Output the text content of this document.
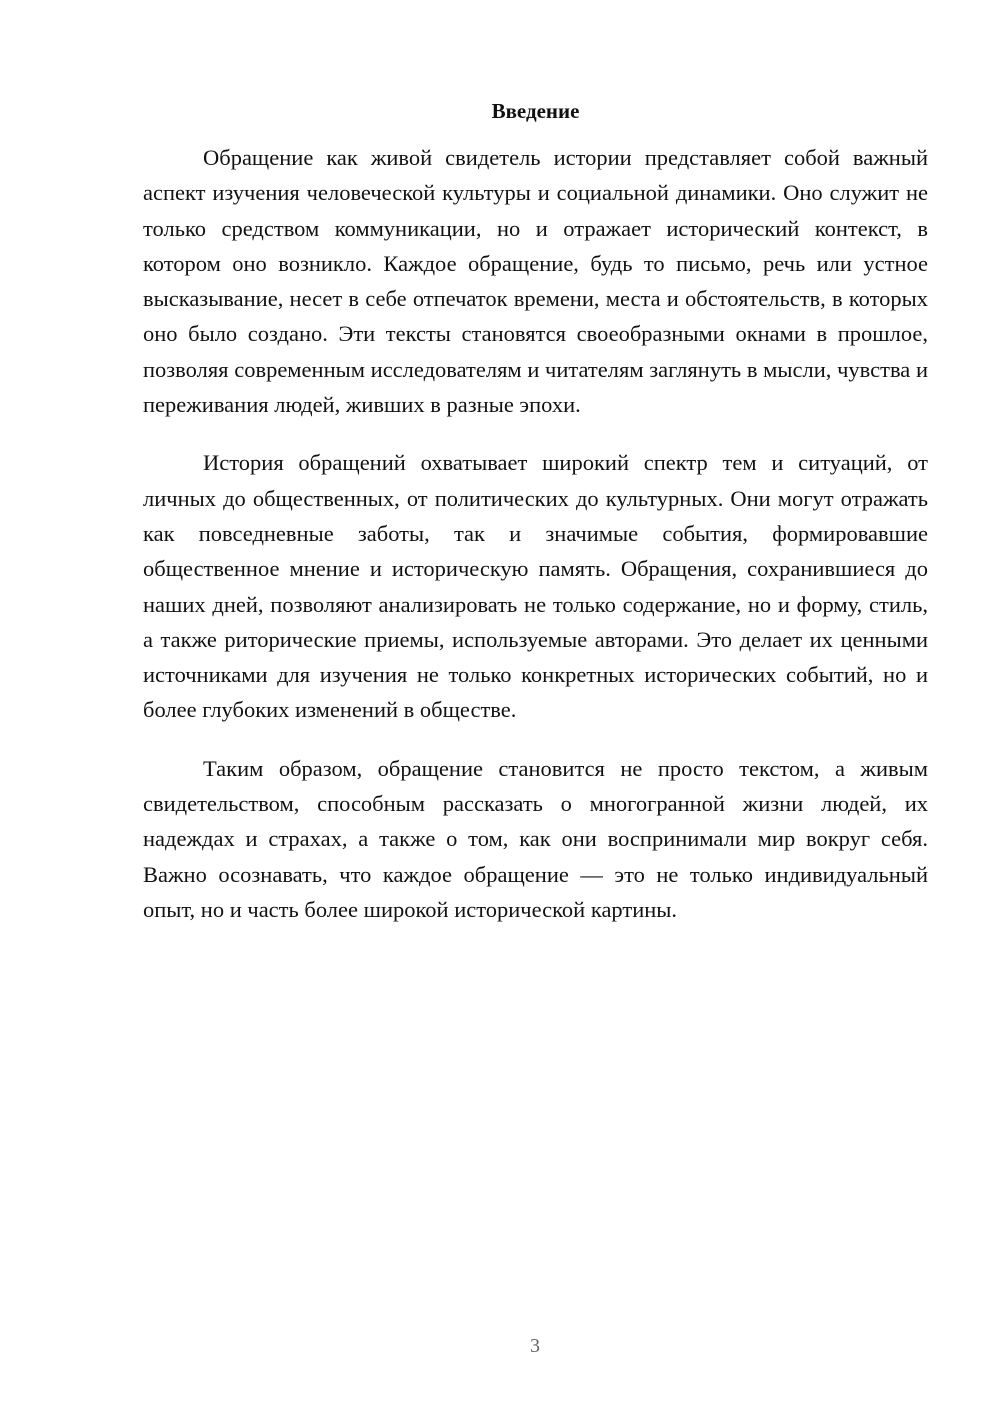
Введение

Обращение как живой свидетель истории представляет собой важный аспект изучения человеческой культуры и социальной динамики. Оно служит не только средством коммуникации, но и отражает исторический контекст, в котором оно возникло. Каждое обращение, будь то письмо, речь или устное высказывание, несет в себе отпечаток времени, места и обстоятельств, в которых оно было создано. Эти тексты становятся своеобразными окнами в прошлое, позволяя современным исследователям и читателям заглянуть в мысли, чувства и переживания людей, живших в разные эпохи.

История обращений охватывает широкий спектр тем и ситуаций, от личных до общественных, от политических до культурных. Они могут отражать как повседневные заботы, так и значимые события, формировавшие общественное мнение и историческую память. Обращения, сохранившиеся до наших дней, позволяют анализировать не только содержание, но и форму, стиль, а также риторические приемы, используемые авторами. Это делает их ценными источниками для изучения не только конкретных исторических событий, но и более глубоких изменений в обществе.

Таким образом, обращение становится не просто текстом, а живым свидетельством, способным рассказать о многогранной жизни людей, их надеждах и страхах, а также о том, как они воспринимали мир вокруг себя. Важно осознавать, что каждое обращение — это не только индивидуальный опыт, но и часть более широкой исторической картины.

3
